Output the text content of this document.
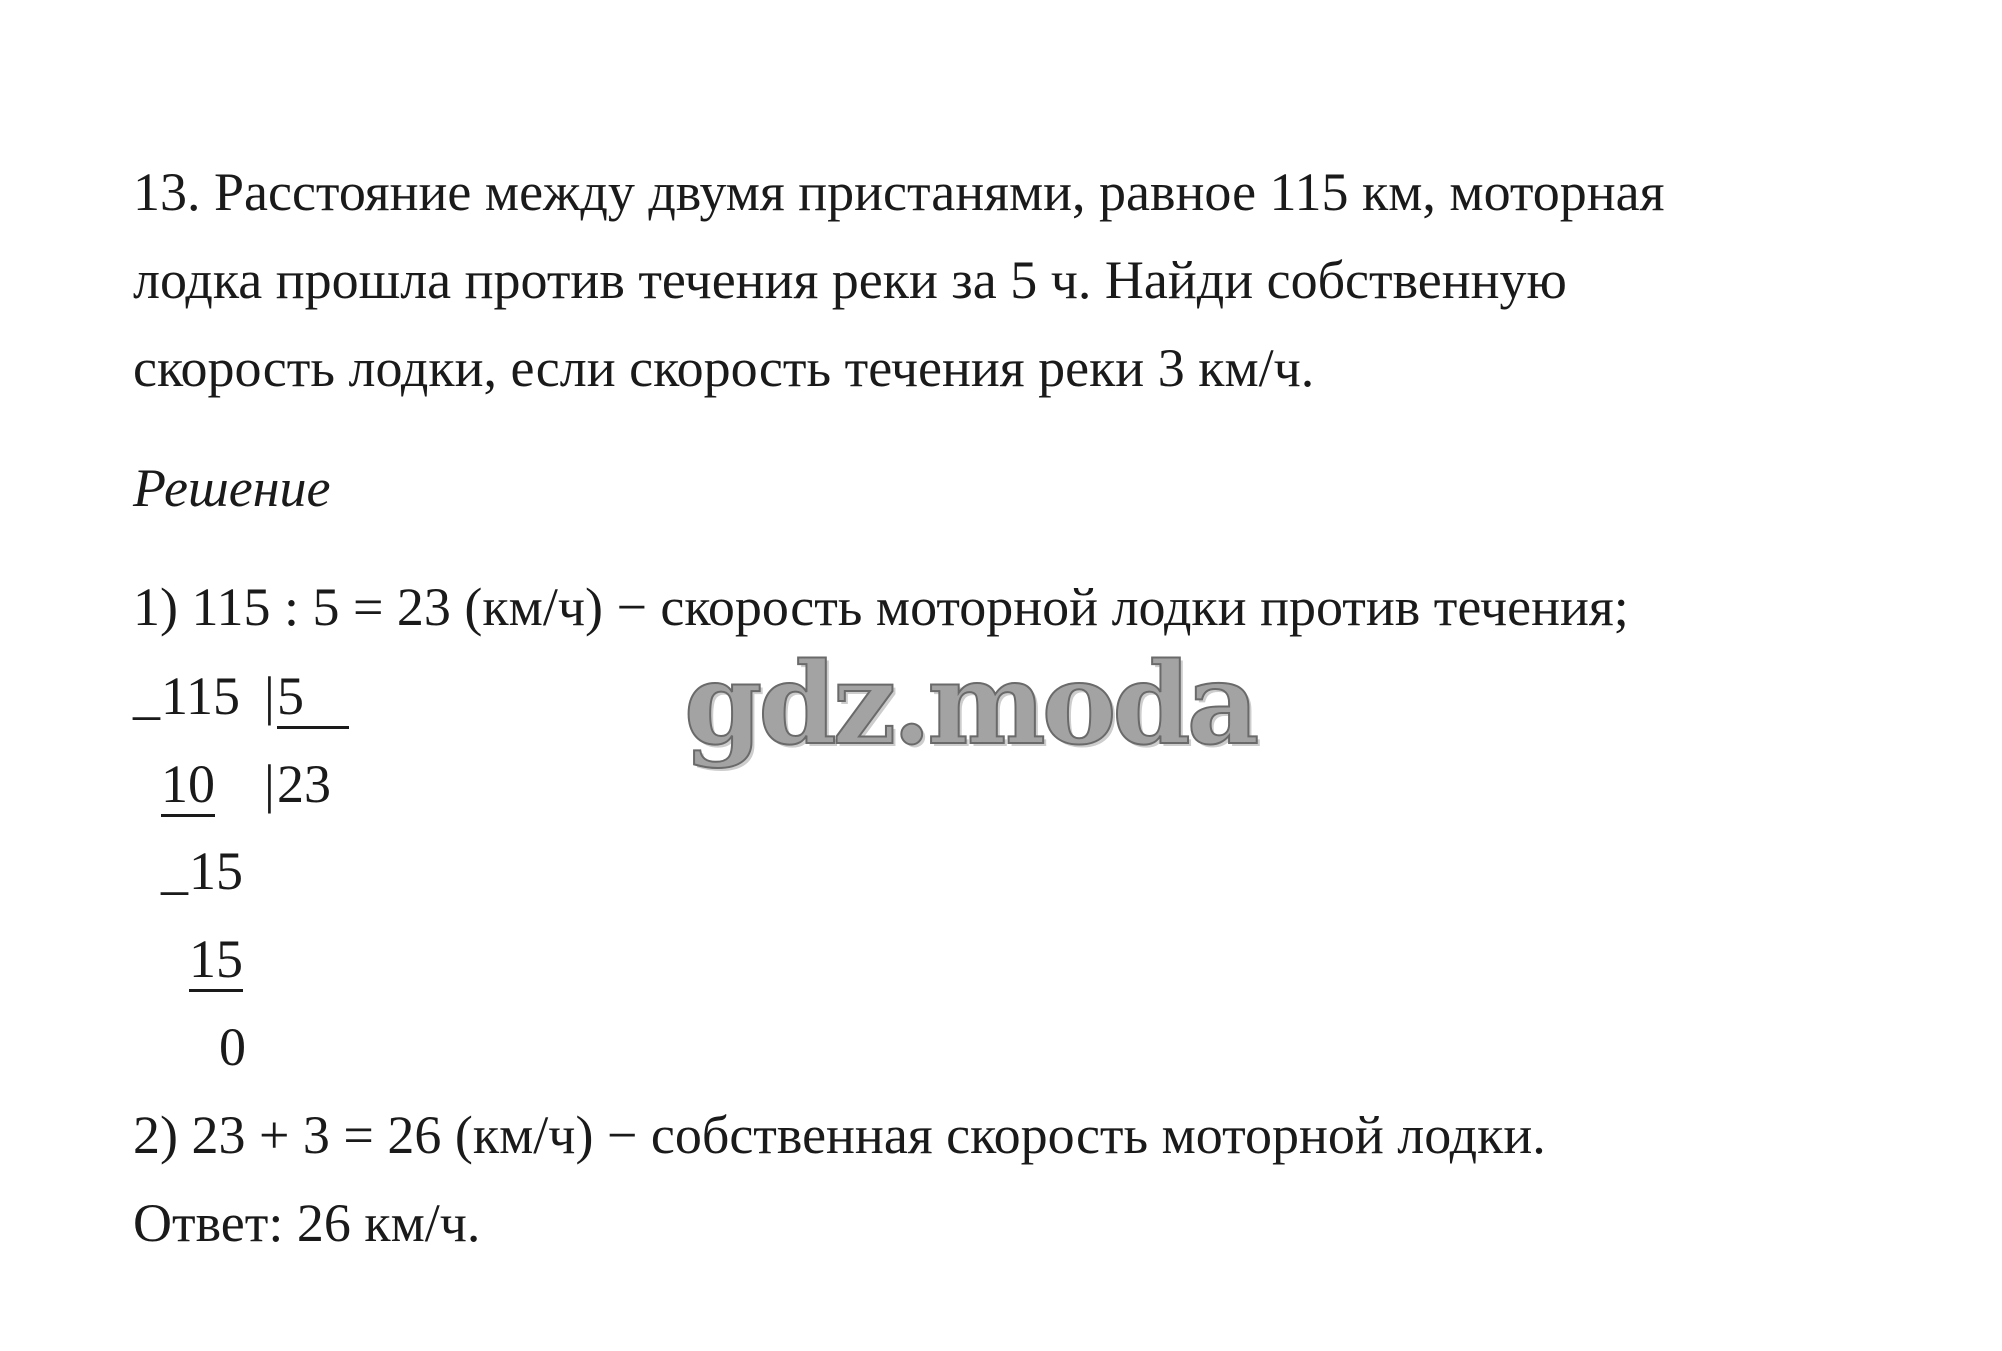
13. Расстояние между двумя пристанями, равное 115 км, моторная
лодка прошла против течения реки за 5 ч. Найди собственную
скорость лодки, если скорость течения реки 3 км/ч.
Решение
1) 115 : 5 = 23 (км/ч) − скорость моторной лодки против течения;
_ 115 | 5
10 | 23
_ 15
15
0
2) 23 + 3 = 26 (км/ч) − собственная скорость моторной лодки.
Ответ: 26 км/ч.
gdz.moda
